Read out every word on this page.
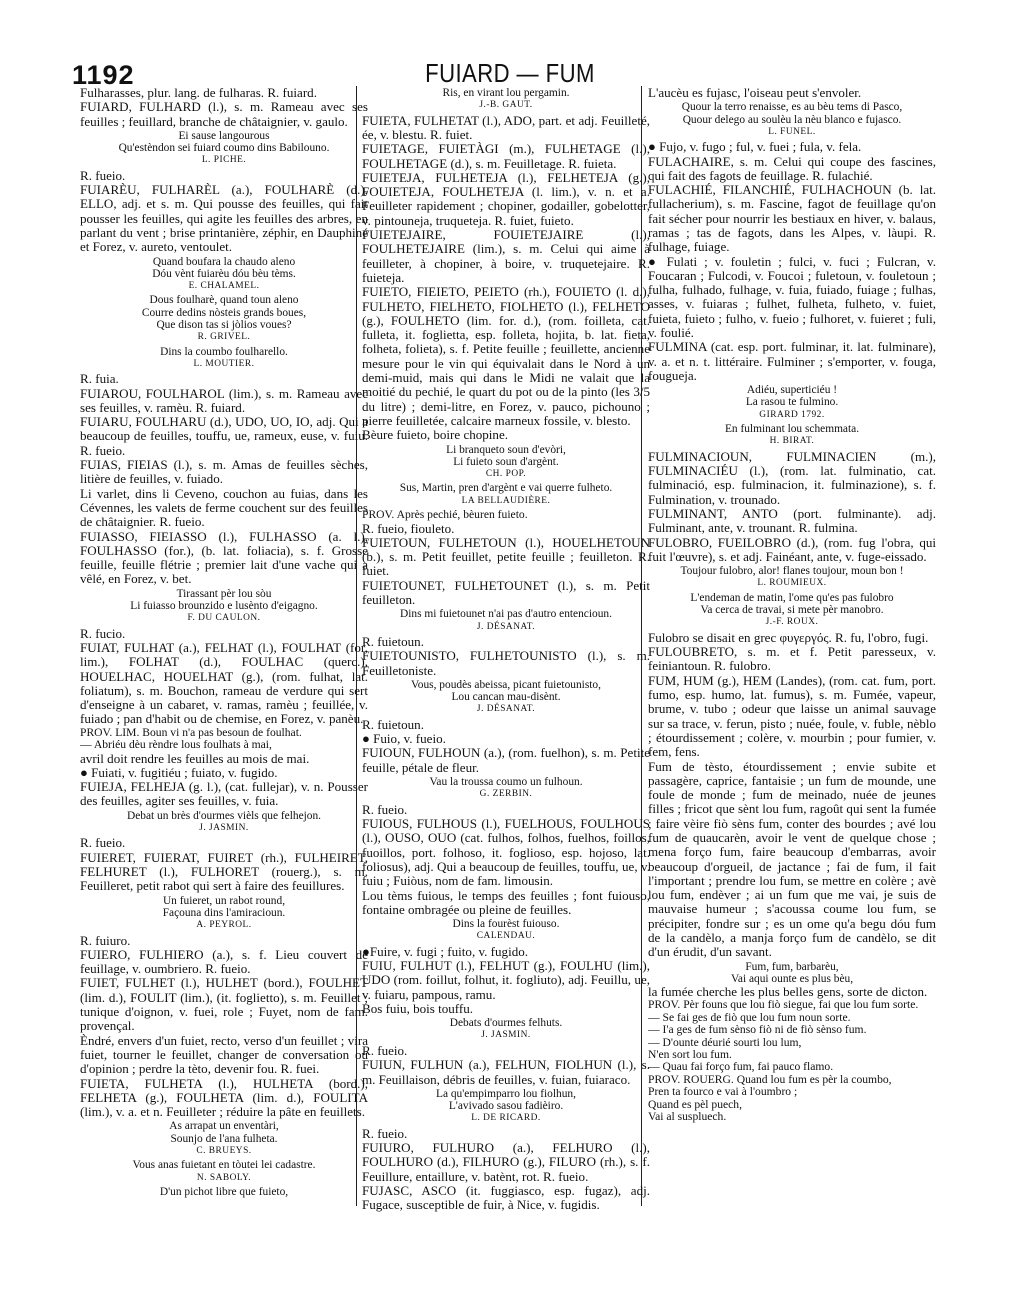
1192	FUIARD — FUM
Fulharasses, plur. lang. de fulharas. R. fuiard.
FUIARD, FULHARD (l.), s. m. Rameau avec ses feuilles ; feuillard, branche de châtaignier, v. gaulo.
Ei sause langourous
Qu'estèndon sei fuiard coumo dins Babilouno.
L. PICHE.
R. fueio.
FUIARÈU, FULHARÈL (a.), FOULHARÈ (d.), ELLO, adj. et s. m. Qui pousse des feuilles, qui fait pousser les feuilles, qui agite les feuilles des arbres, en parlant du vent ; brise printanière, zéphir, en Dauphiné et Forez, v. aureto, ventoulet.
Quand boufara la chaudo aleno
Dóu vènt fuiarèu dóu bèu tèms.
E. CHALAMEL.
Dous foulharè, quand toun aleno
Courre dedins nòsteis grands boues,
Que dison tas si jòlios voues?
R. GRIVEL.
Dins la coumbo foulharello.
L. MOUTIER.
R. fuia.
FUIAROU, FOULHAROL (lim.), s. m. Rameau avec ses feuilles, v. ramèu. R. fuiard.
FUIARU, FOULHARU (d.), UDO, UO, IO, adj. Qui a beaucoup de feuilles, touffu, ue, rameux, euse, v. fuiu. R. fueio.
FUIAS, FIEIAS (l.), s. m. Amas de feuilles sèches, litière de feuilles, v. fuiado.
Li varlet, dins li Ceveno, couchon au fuias, dans les Cévennes, les valets de ferme couchent sur des feuilles de châtaignier. R. fueio.
FUIASSO, FIEIASSO (l.), FULHASSO (a. l.), FOULHASSO (for.), (b. lat. foliacia), s. f. Grosse feuille, feuille flétrie ; premier lait d'une vache qui a vêlé, en Forez, v. bet.
Tirassant pèr lou sòu
Li fuiasso brounzido e lusènto d'eigagno.
F. DU CAULON.
R. fucio.
FUIAT, FULHAT (a.), FELHAT (l.), FOULHAT (for, lim.), FOLHAT (d.), FOULHAC (querc.), HOUELHAC, HOUELHAT (g.), (rom. fulhat, lat. foliatum), s. m. Bouchon, rameau de verdure qui sert d'enseigne à un cabaret, v. ramas, ramèu ; feuillée, v. fuiado ; pan d'habit ou de chemise, en Forez, v. panèu.
PROV. LIM. Boun vi n'a pas besoun de foulhat.
— Abriéu dèu rèndre lous foulhats à mai,
avril doit rendre les feuilles au mois de mai.
● Fuiati, v. fugitiéu ; fuiato, v. fugido.
FUIEJA, FELHEJA (g. l.), (cat. fullejar), v. n. Pousser des feuilles, agiter ses feuilles, v. fuia.
Debat un brès d'ourmes vièls que felhejon.
J. JASMIN.
R. fueio.
FUIERET, FUIERAT, FUIRET (rh.), FULHEIRET, FELHURET (l.), FULHORET (rouerg.), s. m. Feuilleret, petit rabot qui sert à faire des feuillures.
Un fuieret, un rabot round,
Façouna dins l'amiracioun.
A. PEYROL.
R. fuiuro.
FUIERO, FULHIERO (a.), s. f. Lieu couvert de feuillage, v. oumbriero. R. fueio.
FUIET, FULHET (l.), HULHET (bord.), FOULHET (lim. d.), FOULIT (lim.), (it. foglietto), s. m. Feuillet ; tunique d'oignon, v. fuei, role ; Fuyet, nom de fam. provençal.
Èndré, envers d'un fuiet, recto, verso d'un feuillet ; vira fuiet, tourner le feuillet, changer de conversation ou d'opinion ; perdre la tèto, devenir fou. R. fuei.
FUIETA, FULHETA (l.), HULHETA (bord.), FELHETA (g.), FOULHETA (lim. d.), FOULITA (lim.), v. a. et n. Feuilleter ; réduire la pâte en feuillets.
As arrapat un enventàri,
Sounjo de l'ana fulheta.
C. BRUEYS.
Vous anas fuietant en tòutei lei cadastre.
N. SABOLY.
D'un pichot libre que fuieto,
Ris, en virant lou pergamin.
J.-B. GAUT.
FUIETA, FULHETAT (l.), ADO, part. et adj. Feuilleté, ée, v. blestu. R. fuiet.
FUIETAGE, FUIETÀGI (m.), FULHETAGE (l.), FOULHETAGE (d.), s. m. Feuilletage. R. fuieta.
FUIETEJA, FULHETEJA (l.), FELHETEJA (g.), FOUIETEJA, FOULHETEJA (l. lim.), v. n. et a. Feuilleter rapidement ; chopiner, godailler, gobelotter, v. pintouneja, truqueteja. R. fuiet, fuieto.
FUIETEJAIRE, FOUIETEJAIRE (l.), FOULHETEJAIRE (lim.), s. m. Celui qui aime à feuilleter, à chopiner, à boire, v. truquetejaire. R. fuieteja.
FUIETO, FIEIETO, PEIETO (rh.), FOUIETO (l. d.), FULHETO, FIELHETO, FIOLHETO (l.), FELHETO (g.), FOULHETO (lim. for. d.), (rom. foilleta, cat. fulleta, it. foglietta, esp. folleta, hojita, b. lat. fieta, folheta, folieta), s. f. Petite feuille ; feuillette, ancienne mesure pour le vin qui équivalait dans le Nord à un demi-muid, mais qui dans le Midi ne valait que la moitié du pechié, le quart du pot ou de la pinto (les 3/5 du litre) ; demi-litre, en Forez, v. pauco, pichouno ; pierre feuilletée, calcaire marneux fossile, v. blesto.
Bèure fuieto, boire chopine.
Li branqueto soun d'evòri,
Li fuieto soun d'argènt.
CH. POP.
Sus, Martin, pren d'argènt e vai querre fulheto.
LA BELLAUDIÈRE.
PROV. Après pechié, bèuren fuieto.
R. fueio, fiouleto.
FUIETOUN, FULHETOUN (l.), HOUELHETOUN (b.), s. m. Petit feuillet, petite feuille ; feuilleton. R. fuiet.
FUIETOUNET, FULHETOUNET (l.), s. m. Petit feuilleton.
Dins mi fuietounet n'ai pas d'autro entencioun.
J. DÉSANAT.
R. fuietoun.
FUIETOUNISTO, FULHETOUNISTO (l.), s. m. Feuilletoniste.
Vous, poudès abeissa, picant fuietounisto,
Lou cancan mau-disènt.
J. DÉSANAT.
R. fuietoun.
● Fuio, v. fueio.
FUIOUN, FULHOUN (a.), (rom. fuelhon), s. m. Petite feuille, pétale de fleur.
Vau la troussa coumo un fulhoun.
G. ZERBIN.
R. fueio.
FUIOUS, FULHOUS (l.), FUELHOUS, FOULHOUS (l.), OUSO, OUO (cat. fulhos, folhos, fuelhos, foillos, fuoillos, port. folhoso, it. foglioso, esp. hojoso, lat. foliosus), adj. Qui a beaucoup de feuilles, touffu, ue, v. fuiu ; Fuiòus, nom de fam. limousin.
Lou tèms fuious, le temps des feuilles ; font fuiouso, fontaine ombragée ou pleine de feuilles.
Dins la fourèst fuiouso.
CALENDAU.
●Fuire, v. fugi ; fuito, v. fugido.
FUIU, FULHUT (l.), FELHUT (g.), FOULHU (lim.), UDO (rom. foillut, folhut, it. fogliuto), adj. Feuillu, ue, v. fuiaru, pampous, ramu.
Bos fuiu, bois touffu.
Debats d'ourmes felhuts.
J. JASMIN.
R. fueio.
FUIUN, FULHUN (a.), FELHUN, FIOLHUN (l.), s. m. Feuillaison, débris de feuilles, v. fuian, fuiaraco.
La qu'empimparro lou fiolhun,
L'avivado sasou fadièiro.
L. DE RICARD.
R. fueio.
FUIURO, FULHURO (a.), FELHURO (l.), FOULHURO (d.), FILHURO (g.), FILURO (rh.), s. f. Feuillure, entaillure, v. batènt, rot. R. fueio.
FUJASC, ASCO (it. fuggiasco, esp. fugaz), adj. Fugace, susceptible de fuir, à Nice, v. fugidis.
L'aucèu es fujasc, l'oiseau peut s'envoler.
Quour la terro renaisse, es au bèu tems di Pasco,
Quour delego au soulèu la nèu blanco e fujasco.
L. FUNEL.
● Fujo, v. fugo ; ful, v. fuei ; fula, v. fela.
FULACHAIRE, s. m. Celui qui coupe des fascines, qui fait des fagots de feuillage. R. fulachié.
FULACHIÉ, FILANCHIÉ, FULHACHOUN (b. lat. fullacherium), s. m. Fascine, fagot de feuillage qu'on fait sécher pour nourrir les bestiaux en hiver, v. balaus, ramas ; tas de fagots, dans les Alpes, v. làupi. R. fulhage, fuiage.
● Fulati ; v. fouletin ; fulci, v. fuci ; Fulcran, v. Foucaran ; Fulcodi, v. Foucoi ; fuletoun, v. fouletoun ; fulha, fulhado, fulhage, v. fuia, fuiado, fuiage ; fulhas, asses, v. fuiaras ; fulhet, fulheta, fulheto, v. fuiet, fuieta, fuieto ; fulho, v. fueio ; fulhoret, v. fuieret ; fuli, v. foulié.
FULMINA (cat. esp. port. fulminar, it. lat. fulminare), v. a. et n. t. littéraire. Fulminer ; s'emporter, v. fouga, fougueja.
Adiéu, superticiéu !
La rasou te fulmino.
GIRARD 1792.
En fulminant lou schemmata.
H. BIRAT.
FULMINACIOUN, FULMINACIEN (m.), FULMINACIÉU (l.), (rom. lat. fulminatio, cat. fulminació, esp. fulminacion, it. fulminazione), s. f. Fulmination, v. trounado.
FULMINANT, ANTO (port. fulminante). adj. Fulminant, ante, v. trounant. R. fulmina.
FULOBRO, FUEILOBRO (d.), (rom. fug l'obra, qui fuit l'œuvre), s. et adj. Fainéant, ante, v. fuge-eissado.
Toujour fulobro, alor! flanes toujour, moun bon !
L. ROUMIEUX.
L'endeman de matin, l'ome qu'es pas fulobro
Va cerca de travai, si mete pèr manobro.
J.-F. ROUX.
Fulobro se disait en grec φυγεργός. R. fu, l'obro, fugi.
FULOUBRETO, s. m. et f. Petit paresseux, v. feiniantoun. R. fulobro.
FUM, HUM (g.), HEM (Landes), (rom. cat. fum, port. fumo, esp. humo, lat. fumus), s. m. Fumée, vapeur, brume, v. tubo ; odeur que laisse un animal sauvage sur sa trace, v. ferun, pisto ; nuée, foule, v. fuble, nèblo ; étourdissement ; colère, v. mourbin ; pour fumier, v. fem, fens.
Fum de tèsto, étourdissement ; envie subite et passagère, caprice, fantaisie ; un fum de mounde, une foule de monde ; fum de meinado, nuée de jeunes filles ; fricot que sènt lou fum, ragoût qui sent la fumée ; faire vèire fiò sèns fum, conter des bourdes ; avé lou fum de quaucarèn, avoir le vent de quelque chose ; mena forço fum, faire beaucoup d'embarras, avoir beaucoup d'orgueil, de jactance ; fai de fum, il fait l'important ; prendre lou fum, se mettre en colère ; avè lou fum, endèver ; ai un fum que me vai, je suis de mauvaise humeur ; s'acoussa coume lou fum, se précipiter, fondre sur ; es un ome qu'a begu dóu fum de la candèlo, a manja forço fum de candèlo, se dit d'un érudit, d'un savant.
Fum, fum, barbarèu,
Vai aqui ounte es plus bèu,
la fumée cherche les plus belles gens, sorte de dicton.
PROV. Pèr founs que lou fiò siegue, fai que lou fum sorte.
— Se fai ges de fiò que lou fum noun sorte.
— I'a ges de fum sènso fiò ni de fiò sènso fum.
— D'ounte déurié sourti lou lum,
N'en sort lou fum.
— Quau fai forço fum, fai pauco flamo.
PROV. ROUERG. Quand lou fum es pèr la coumbo,
Pren ta fourco e vai à l'oumbro ;
Quand es pèl puech,
Vai al suspluech.
